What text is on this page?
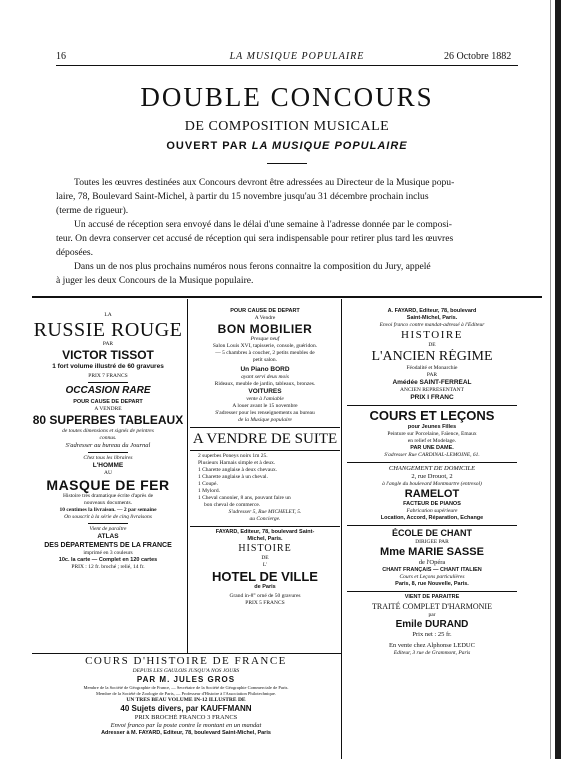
16	LA MUSIQUE POPULAIRE	26 Octobre 1882
DOUBLE CONCOURS
DE COMPOSITION MUSICALE
OUVERT PAR LA MUSIQUE POPULAIRE
Toutes les œuvres destinées aux Concours devront être adressées au Directeur de la Musique popu-
laire, 78, Boulevard Saint-Michel, à partir du 15 novembre jusqu'au 31 décembre prochain inclus
(terme de rigueur).
Un accusé de réception sera envoyé dans le délai d'une semaine à l'adresse donnée par le composi-
teur. On devra conserver cet accusé de réception qui sera indispensable pour retirer plus tard les œuvres
déposées.
Dans un de nos plus prochains numéros nous ferons connaitre la composition du Jury, appelé
à juger les deux Concours de la Musique populaire.
LA
RUSSIE ROUGE
PAR
VICTOR TISSOT
1 fort volume illustré de 60 gravures
PRIX 7 FRANCS
OCCASION RARE
POUR CAUSE DE DÉPART
A VENDRE
80 SUPERBES TABLEAUX
de toutes dimensions et signés de peintres
connus.
S'adresser au bureau du Journal
Chez tous les libraires
L'HOMME
AU
MASQUE DE FER
Histoire très dramatique écrite d'après de
nouveaux documents.
10 centimes la livraison. — 2 par semaine
On souscrit à la série de cinq livraisons
Vient de paraître
ATLAS
DES DÉPARTEMENTS DE LA FRANCE
imprimé en 3 couleurs
10c. la carte — Complet en 120 cartes
PRIX : 12 fr. broché ; relié, 14 fr.
POUR CAUSE DE DÉPART
A Vendre
BON MOBILIER
Presque neuf
Salon Louis XVI, tapisserie, console, guéridon.
— 5 chambres à coucher, 2 petits meubles de
petit salon.
Un Piano BORD
ayant servi deux mois
Rideaux, meuble de jardin, tableaux, bronzes.
VOITURES
vente à l'amiable
A louer avant le 15 novembre
S'adresser pour les renseignements au bureau
de la Musique populaire
A VENDRE DE SUITE
2 superbes Poneys noirs 1m 25.
Plusieurs Harnais simple et à deux.
1 Charette anglaise à deux chevaux.
1 Charette anglaise à un cheval.
1 Coupé.
1 Mylord.
1 Cheval canonier, 8 ans, pouvant faire un
bon cheval de commerce.
S'adresser 5, Rue MICHELET, 5.
au Concierge.
FAYARD, Éditeur, 78, boulevard Saint-
Michel, Paris.
HISTOIRE
DE
L'
HOTEL DE VILLE
de Paris
Grand in-8° orné de 50 gravures
PRIX 5 FRANCS
A. FAYARD, Éditeur, 78, boulevard
Saint-Michel, Paris.
Envoi franco contre mandat-adressé à l'Éditeur
HISTOIRE
DE
L'ANCIEN RÉGIME
Féodalité et Monarchie
PAR
Amédée SAINT-FERRÉAL
ANCIEN REPRÉSENTANT
PRIX I FRANC
COURS ET LEÇONS
pour Jeunes Filles
Peinture sur Porcelaine, Faïence, Émaux
en relief et Modelage.
PAR UNE DAME.
S'adresser Rue CARDINAL-LEMOINE, 61.
CHANGEMENT DE DOMICILE
2, rue Drouot, 2
à l'angle du boulevard Montmartre (entresol)
RAMELOT
FACTEUR DE PIANOS
Fabrication supérieure
Location, Accord, Réparation, Échange
ÉCOLE DE CHANT
DIRIGÉE PAR
Mme MARIE SASSE
de l'Opéra
CHANT FRANÇAIS — CHANT ITALIEN
Cours et Leçons particulières
Paris, 8, rue Nouvelle, Paris.
VIENT DE PARAITRE
TRAITÉ COMPLET D'HARMONIE
par
Emile DURAND
Prix net : 25 fr.
En vente chez Alphonse LEDUC
Éditeur, 3 rue de Grammont, Paris
COURS D'HISTOIRE DE FRANCE
DEPUIS LES GAULOIS JUSQU'A NOS JOURS
PAR M. JULES GROS
Membre de la Société de Géographie de France, — Secrétaire de la Société de Géographie Commerciale de Paris.
Membre de la Société de Zoologie de Paris, — Professeur d'Histoire à l'Association Philotechnique.
UN TRÈS BEAU VOLUME IN-12 ILLUSTRÉ DE
40 Sujets divers, par KAUFFMANN
PRIX BROCHÉ FRANCO 3 FRANCS
Envoi franco par la poste contre le montant en un mandat
Adresser à M. FAYARD, Éditeur, 78, boulevard Saint-Michel, Paris
